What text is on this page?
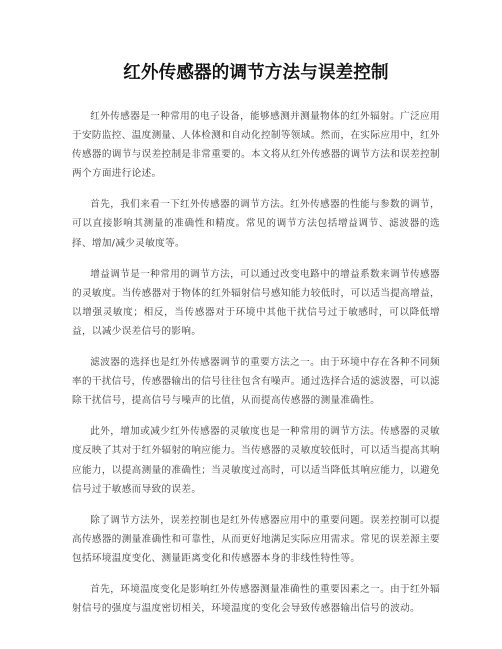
红外传感器的调节方法与误差控制

红外传感器是一种常用的电子设备，能够感测并测量物体的红外辐射。广泛应用于安防监控、温度测量、人体检测和自动化控制等领域。然而，在实际应用中，红外传感器的调节与误差控制是非常重要的。本文将从红外传感器的调节方法和误差控制两个方面进行论述。

首先，我们来看一下红外传感器的调节方法。红外传感器的性能与参数的调节，可以直接影响其测量的准确性和精度。常见的调节方法包括增益调节、滤波器的选择、增加/减少灵敏度等。

增益调节是一种常用的调节方法，可以通过改变电路中的增益系数来调节传感器的灵敏度。当传感器对于物体的红外辐射信号感知能力较低时，可以适当提高增益，以增强灵敏度；相反，当传感器对于环境中其他干扰信号过于敏感时，可以降低增益，以减少误差信号的影响。

滤波器的选择也是红外传感器调节的重要方法之一。由于环境中存在各种不同频率的干扰信号，传感器输出的信号往往包含有噪声。通过选择合适的滤波器，可以滤除干扰信号，提高信号与噪声的比值，从而提高传感器的测量准确性。

此外，增加或减少红外传感器的灵敏度也是一种常用的调节方法。传感器的灵敏度反映了其对于红外辐射的响应能力。当传感器的灵敏度较低时，可以适当提高其响应能力，以提高测量的准确性；当灵敏度过高时，可以适当降低其响应能力，以避免信号过于敏感而导致的误差。

除了调节方法外，误差控制也是红外传感器应用中的重要问题。误差控制可以提高传感器的测量准确性和可靠性，从而更好地满足实际应用需求。常见的误差源主要包括环境温度变化、测量距离变化和传感器本身的非线性特性等。

首先，环境温度变化是影响红外传感器测量准确性的重要因素之一。由于红外辐射信号的强度与温度密切相关，环境温度的变化会导致传感器输出信号的波动。
